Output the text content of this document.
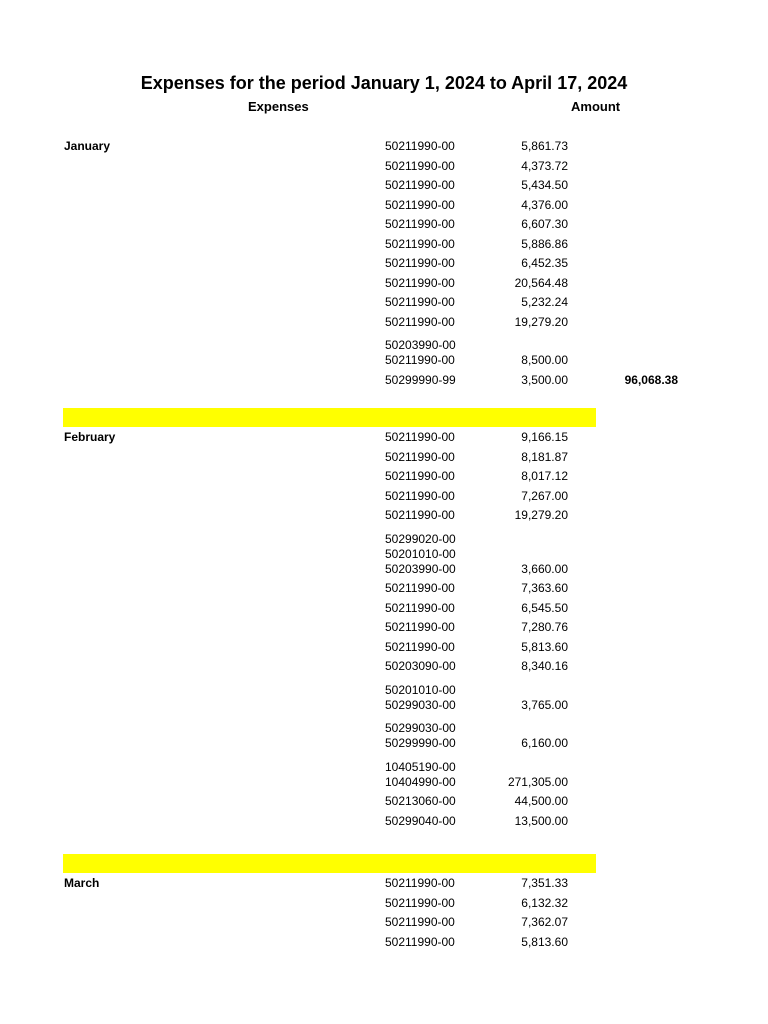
Expenses for the period January 1, 2024 to April 17, 2024
Expenses	Amount
January	50211990-00	5,861.73
50211990-00	4,373.72
50211990-00	5,434.50
50211990-00	4,376.00
50211990-00	6,607.30
50211990-00	5,886.86
50211990-00	6,452.35
50211990-00	20,564.48
50211990-00	5,232.24
50211990-00	19,279.20
50203990-00
50211990-00	8,500.00
50299990-99	3,500.00	96,068.38
February	50211990-00	9,166.15
50211990-00	8,181.87
50211990-00	8,017.12
50211990-00	7,267.00
50211990-00	19,279.20
50299020-00
50201010-00
50203990-00	3,660.00
50211990-00	7,363.60
50211990-00	6,545.50
50211990-00	7,280.76
50211990-00	5,813.60
50203090-00	8,340.16
50201010-00
50299030-00	3,765.00
50299030-00
50299990-00	6,160.00
10405190-00
10404990-00	271,305.00
50213060-00	44,500.00
50299040-00	13,500.00
March	50211990-00	7,351.33
50211990-00	6,132.32
50211990-00	7,362.07
50211990-00	5,813.60
